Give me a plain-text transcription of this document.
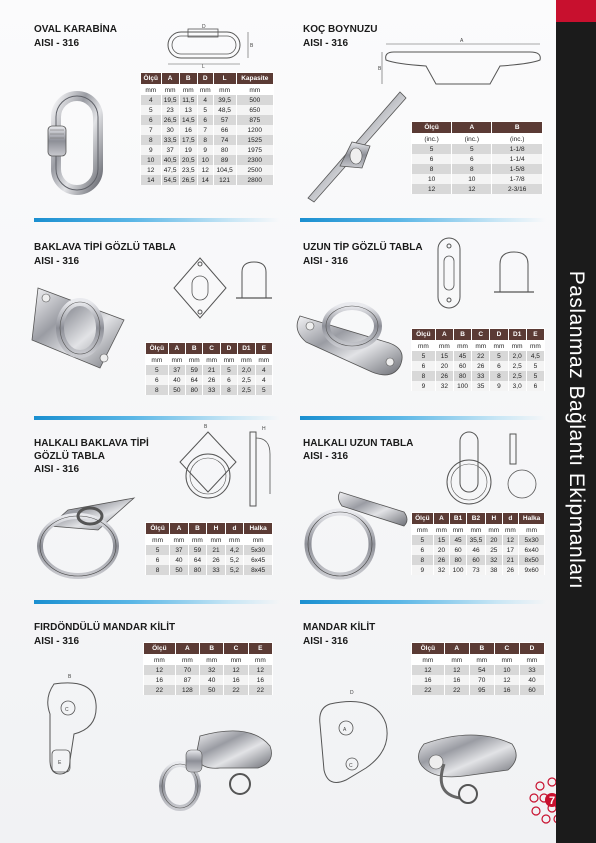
OVAL KARABİNA
AISI - 316
D
B
L
Ölçü	A	B	D	L	Kapasite
mm	mm	mm	mm	mm	mm
4	19,5	11,5	4	39,5	500
5	23	13	5	48,5	650
6	26,5	14,5	6	57	875
7	30	16	7	66	1200
8	33,5	17,5	8	74	1525
9	37	19	9	80	1975
10	40,5	20,5	10	89	2300
12	47,5	23,5	12	104,5	2500
14	54,5	26,5	14	121	2800
KOÇ BOYNUZU
AISI - 316	A
B
Ölçü	A	B
(inc.)	(inc.)	(inc.)
5	5	1-1/8
6	6	1-1/4
8	8	1-5/8
10	10	1-7/8
12	12	2-3/16
BAKLAVA TİPİ GÖZLÜ TABLA
AISI - 316
Ölçü	A	B	C	D	D1	E
mm	mm	mm	mm	mm	mm	mm
5	37	59	21	5	2,0	4
6	40	64	26	6	2,5	4
8	50	80	33	8	2,5	5
UZUN TİP GÖZLÜ TABLA
AISI - 316
Ölçü	A	B	C	D	D1	E
mm	mm	mm	mm	mm	mm	mm
5	15	45	22	5	2,0	4,5
6	20	60	26	6	2,5	5
8	26	80	33	8	2,5	5
9	32	100	35	9	3,0	6
HALKALI BAKLAVA TİPİ
GÖZLÜ TABLA
AISI - 316
B	H
Ölçü	A	B	H	d	Halka
mm	mm	mm	mm	mm	mm
5	37	59	21	4,2	5x30
6	40	64	26	5,2	6x45
8	50	80	33	5,2	8x45
HALKALI UZUN TABLA
AISI - 316
Ölçü	A	B1	B2	H	d	Halka
mm	mm	mm	mm	mm	mm	mm
5	15	45	35,5	20	12	5x30
6	20	60	46	25	17	6x40
8	26	80	60	32	21	8x50
9	32	100	73	38	26	9x60
FIRDÖNDÜLÜ MANDAR KİLİT
AISI - 316
Ölçü	A	B	C	E
mm	mm	mm	mm	mm
12	70	32	12	12
16	87	40	16	16
22	128	50	22	22
C
E
B
MANDAR KİLİT
AISI - 316
Ölçü	A	B	C	D
mm	mm	mm	mm	mm
12	12	54	10	33
16	16	70	12	40
22	22	95	16	60
A
C
D
7
Paslanmaz Bağlantı Ekipmanları
